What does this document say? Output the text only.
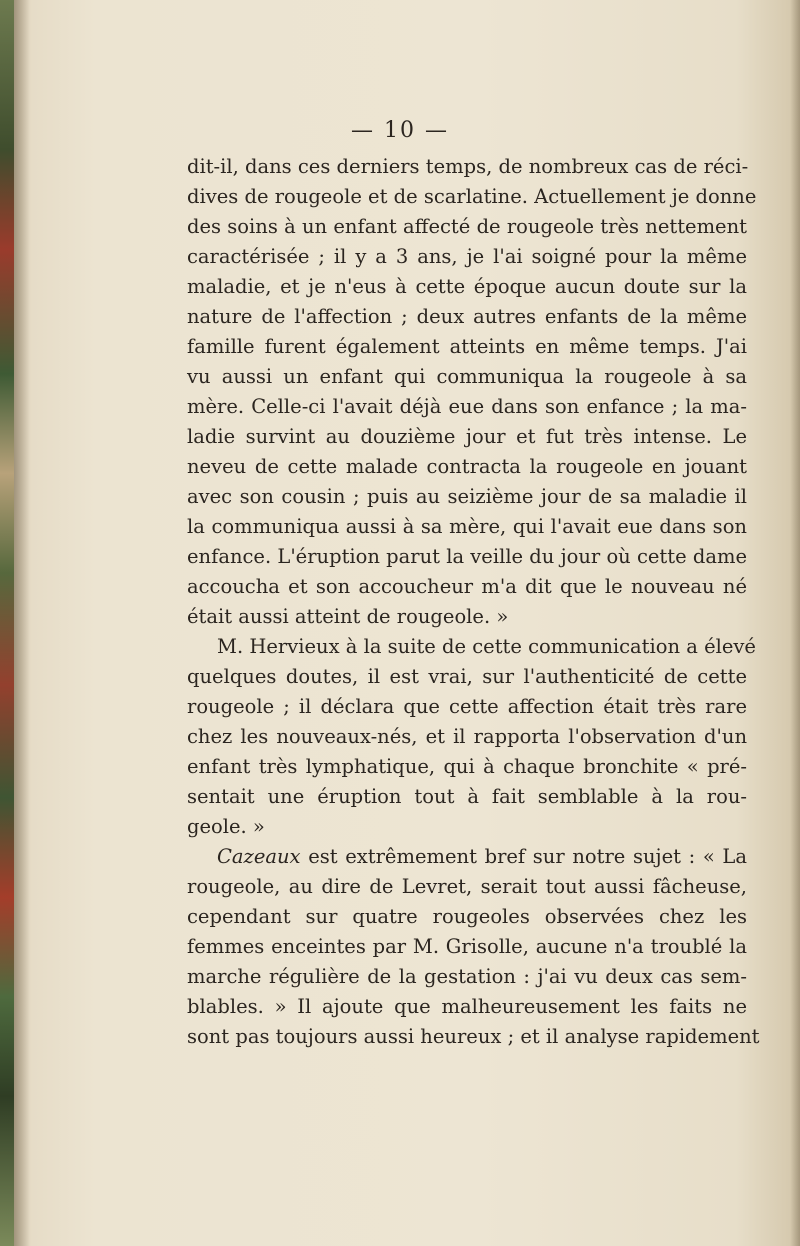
— 10 —
dit-il, dans ces derniers temps, de nombreux cas de réci-
dives de rougeole et de scarlatine. Actuellement je donne
des soins à un enfant affecté de rougeole très nettement
caractérisée ; il y a 3 ans, je l'ai soigné pour la même
maladie, et je n'eus à cette époque aucun doute sur la
nature de l'affection ; deux autres enfants de la même
famille furent également atteints en même temps. J'ai
vu aussi un enfant qui communiqua la rougeole à sa
mère. Celle-ci l'avait déjà eue dans son enfance ; la ma-
ladie survint au douzième jour et fut très intense. Le
neveu de cette malade contracta la rougeole en jouant
avec son cousin ; puis au seizième jour de sa maladie il
la communiqua aussi à sa mère, qui l'avait eue dans son
enfance. L'éruption parut la veille du jour où cette dame
accoucha et son accoucheur m'a dit que le nouveau né
était aussi atteint de rougeole. »
M. Hervieux à la suite de cette communication a élevé
quelques doutes, il est vrai, sur l'authenticité de cette
rougeole ; il déclara que cette affection était très rare
chez les nouveaux-nés, et il rapporta l'observation d'un
enfant très lymphatique, qui à chaque bronchite « pré-
sentait une éruption tout à fait semblable à la rou-
geole. »
Cazeaux est extrêmement bref sur notre sujet : « La
rougeole, au dire de Levret, serait tout aussi fâcheuse,
cependant sur quatre rougeoles observées chez les
femmes enceintes par M. Grisolle, aucune n'a troublé la
marche régulière de la gestation : j'ai vu deux cas sem-
blables. » Il ajoute que malheureusement les faits ne
sont pas toujours aussi heureux ; et il analyse rapidement
